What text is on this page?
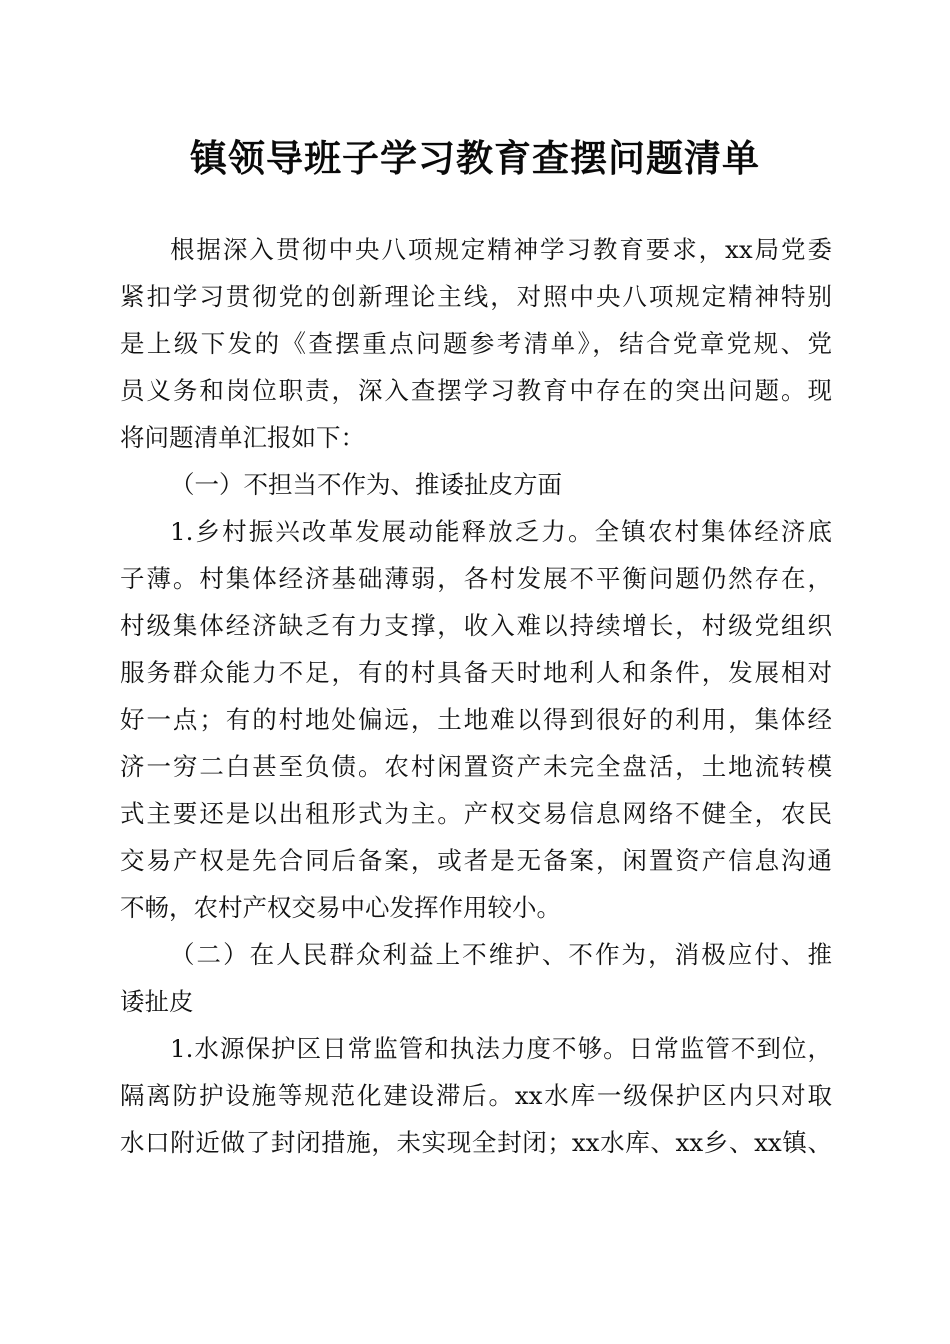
镇领导班子学习教育查摆问题清单
根据深入贯彻中央八项规定精神学习教育要求，xx局党委
紧扣学习贯彻党的创新理论主线，对照中央八项规定精神特别
是上级下发的《查摆重点问题参考清单》，结合党章党规、党
员义务和岗位职责，深入查摆学习教育中存在的突出问题。现
将问题清单汇报如下：
（一）不担当不作为、推诿扯皮方面
1.乡村振兴改革发展动能释放乏力。全镇农村集体经济底
子薄。村集体经济基础薄弱，各村发展不平衡问题仍然存在，
村级集体经济缺乏有力支撑，收入难以持续增长，村级党组织
服务群众能力不足，有的村具备天时地利人和条件，发展相对
好一点；有的村地处偏远，土地难以得到很好的利用，集体经
济一穷二白甚至负债。农村闲置资产未完全盘活，土地流转模
式主要还是以出租形式为主。产权交易信息网络不健全，农民
交易产权是先合同后备案，或者是无备案，闲置资产信息沟通
不畅，农村产权交易中心发挥作用较小。
（二）在人民群众利益上不维护、不作为，消极应付、推
诿扯皮
1.水源保护区日常监管和执法力度不够。日常监管不到位，
隔离防护设施等规范化建设滞后。xx水库一级保护区内只对取
水口附近做了封闭措施，未实现全封闭；xx水库、xx乡、xx镇、
